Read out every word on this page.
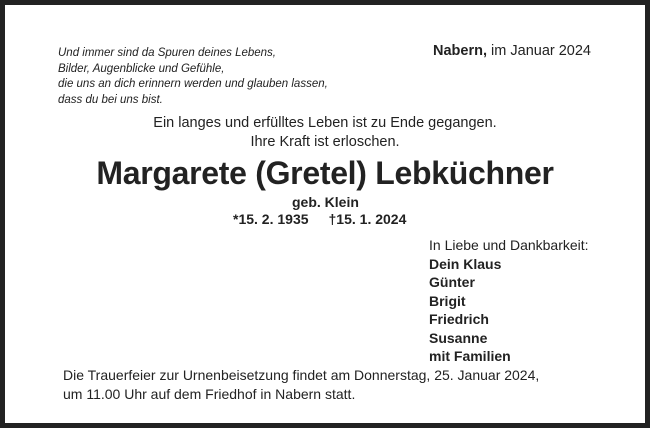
Und immer sind da Spuren deines Lebens,
Bilder, Augenblicke und Gefühle,
die uns an dich erinnern werden und glauben lassen,
dass du bei uns bist.
Nabern, im Januar 2024
Ein langes und erfülltes Leben ist zu Ende gegangen.
Ihre Kraft ist erloschen.
Margarete (Gretel) Lebküchner
geb. Klein
*15. 2. 1935 †15. 1. 2024
In Liebe und Dankbarkeit:
Dein Klaus
Günter
Brigit
Friedrich
Susanne
mit Familien
Die Trauerfeier zur Urnenbeisetzung findet am Donnerstag, 25. Januar 2024,
um 11.00 Uhr auf dem Friedhof in Nabern statt.
